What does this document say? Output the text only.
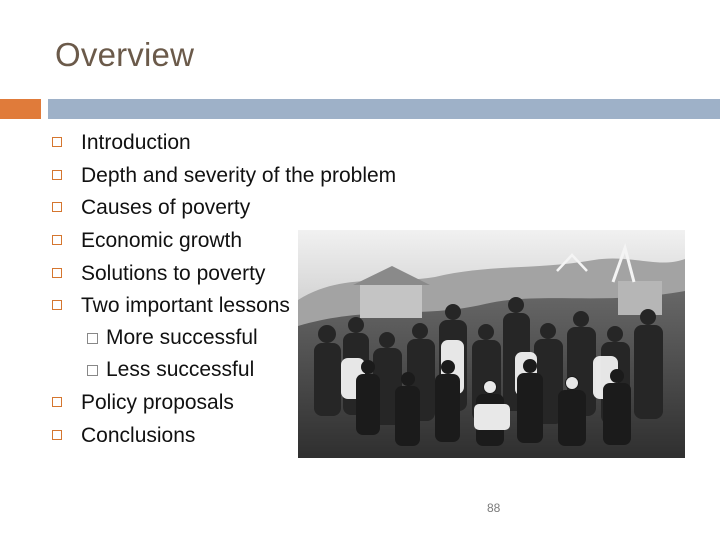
Overview
Introduction
Depth and severity of the problem
Causes of poverty
Economic growth
Solutions to poverty
Two important lessons
More successful
Less successful
Policy proposals
Conclusions
88
